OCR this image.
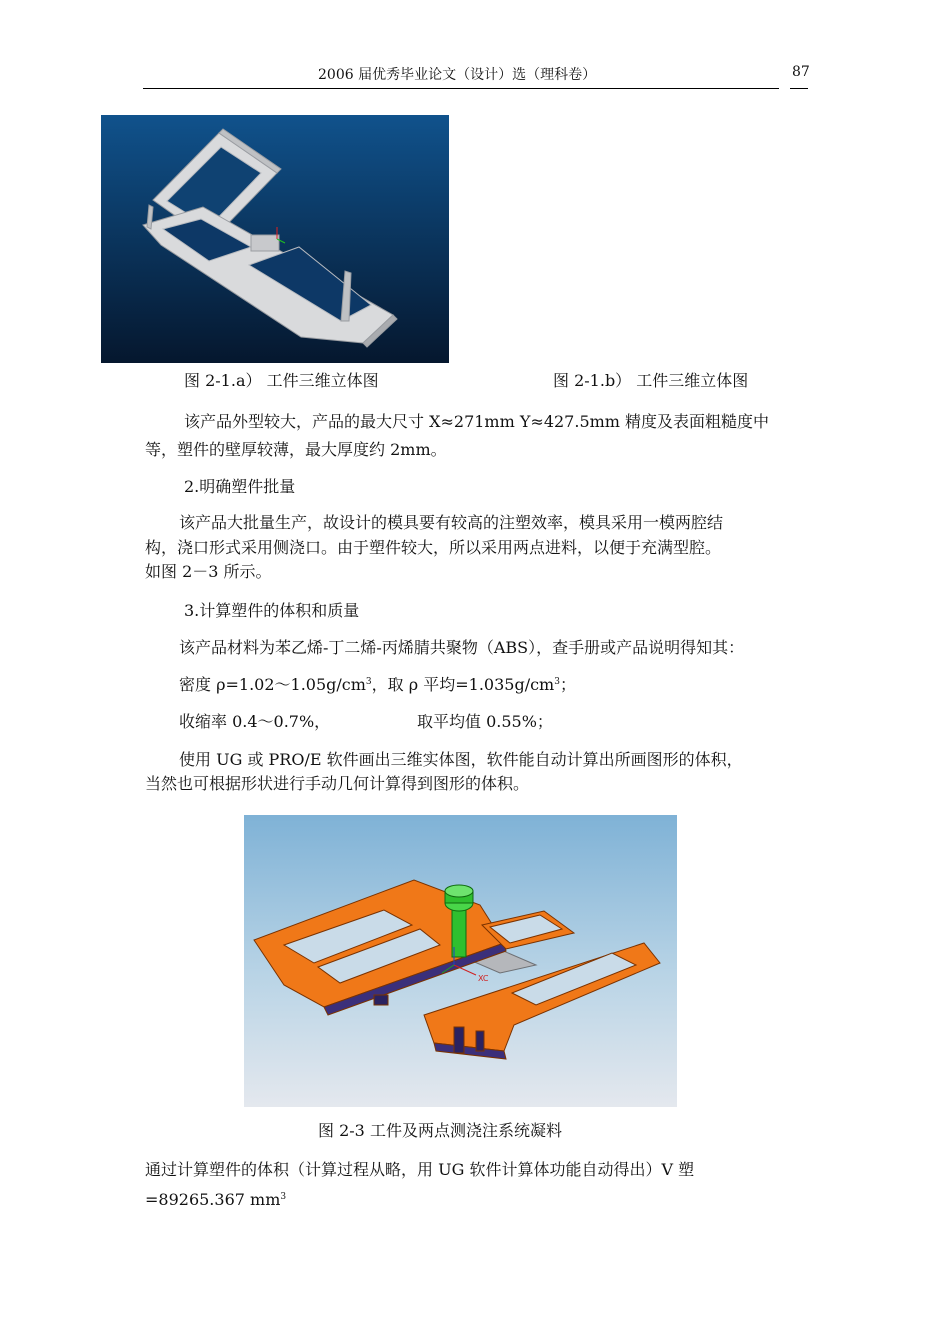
2006 届优秀毕业论文（设计）选（理科卷）	87
图 2-1.a） 工件三维立体图	图 2-1.b） 工件三维立体图
该产品外型较大，产品的最大尺寸 X≈271mm Y≈427.5mm 精度及表面粗糙度中
等，塑件的壁厚较薄，最大厚度约 2mm。
2.明确塑件批量
该产品大批量生产，故设计的模具要有较高的注塑效率，模具采用一模两腔结
构，浇口形式采用侧浇口。由于塑件较大，所以采用两点进料，以便于充满型腔。
如图 2－3 所示。
3.计算塑件的体积和质量
该产品材料为苯乙烯-丁二烯-丙烯腈共聚物（ABS），查手册或产品说明得知其：
密度 $\rho=1.02\sim 1.05g/cm^3$，取 ρ 平均$=1.035g/cm^3$；
收缩率 0.4～0.7%，	取平均值 0.55%；
使用 UG 或 PRO/E 软件画出三维实体图，软件能自动计算出所画图形的体积，
当然也可根据形状进行手动几何计算得到图形的体积。
XC
图 2-3 工件及两点测浇注系统凝料
通过计算塑件的体积（计算过程从略，用 UG 软件计算体功能自动得出）V 塑
=89265.367 $mm^3$
